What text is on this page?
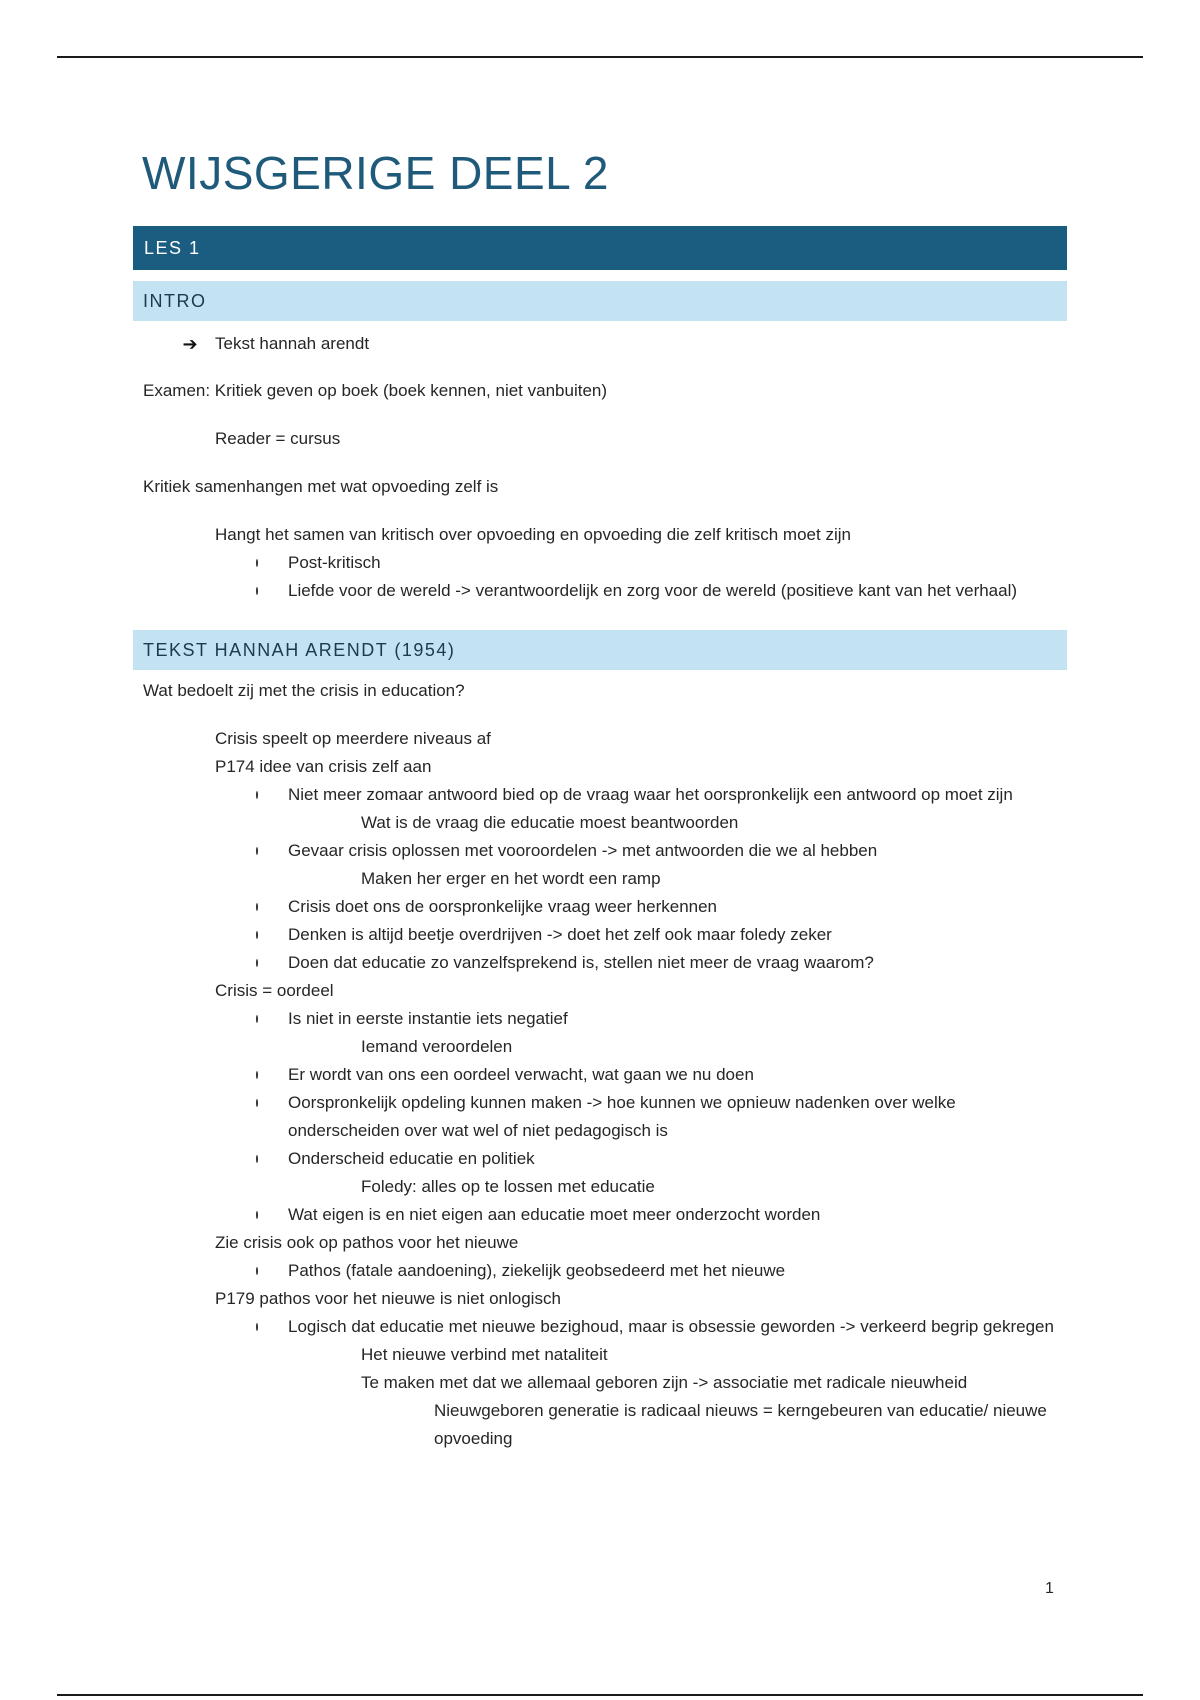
WIJSGERIGE DEEL 2
LES 1
INTRO
➔ Tekst hannah arendt

Examen: Kritiek geven op boek (boek kennen, niet vanbuiten)

Reader = cursus

Kritiek samenhangen met wat opvoeding zelf is

Hangt het samen van kritisch over opvoeding en opvoeding die zelf kritisch moet zijn
Post-kritisch
Liefde voor de wereld -> verantwoordelijk en zorg voor de wereld (positieve kant van het verhaal)
TEKST HANNAH ARENDT (1954)

Wat bedoelt zij met the crisis in education?

Crisis speelt op meerdere niveaus af
P174 idee van crisis zelf aan
Niet meer zomaar antwoord bied op de vraag waar het oorspronkelijk een antwoord op moet zijn
Wat is de vraag die educatie moest beantwoorden
Gevaar crisis oplossen met vooroordelen -> met antwoorden die we al hebben
Maken her erger en het wordt een ramp
Crisis doet ons de oorspronkelijke vraag weer herkennen
Denken is altijd beetje overdrijven -> doet het zelf ook maar foledy zeker
Doen dat educatie zo vanzelfsprekend is, stellen niet meer de vraag waarom?
Crisis = oordeel
Is niet in eerste instantie iets negatief
Iemand veroordelen
Er wordt van ons een oordeel verwacht, wat gaan we nu doen
Oorspronkelijk opdeling kunnen maken -> hoe kunnen we opnieuw nadenken over welke onderscheiden over wat wel of niet pedagogisch is
Onderscheid educatie en politiek
Foledy: alles op te lossen met educatie
Wat eigen is en niet eigen aan educatie moet meer onderzocht worden
Zie crisis ook op pathos voor het nieuwe
Pathos (fatale aandoening), ziekelijk geobsedeerd met het nieuwe
P179 pathos voor het nieuwe is niet onlogisch
Logisch dat educatie met nieuwe bezighoud, maar is obsessie geworden -> verkeerd begrip gekregen
Het nieuwe verbind met nataliteit
Te maken met dat we allemaal geboren zijn -> associatie met radicale nieuwheid
Nieuwgeboren generatie is radicaal nieuws = kerngebeuren van educatie/ nieuwe opvoeding
1
